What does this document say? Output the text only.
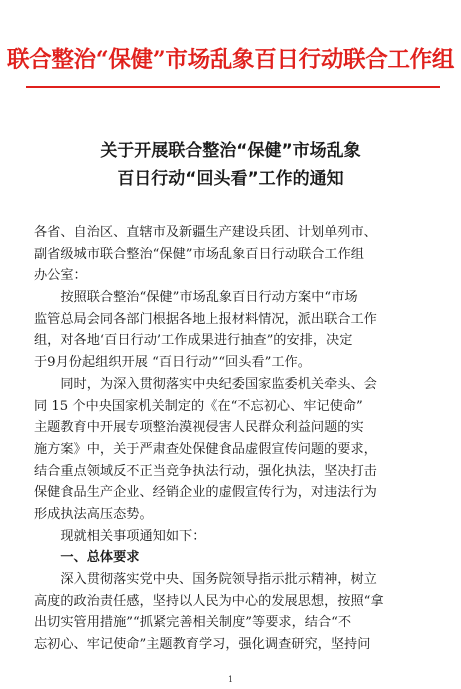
联合整治“保健”市场乱象百日行动联合工作组
关于开展联合整治“保健”市场乱象
百日行动“回头看”工作的通知
各省、自治区、直辖市及新疆生产建设兵团、计划单列市、
副省级城市联合整治“保健”市场乱象百日行动联合工作组
办公室：
　　按照联合整治“保健”市场乱象百日行动方案中“市场
监管总局会同各部门根据各地上报材料情况，派出联合工作
组，对各地‘百日行动’工作成果进行抽查”的安排，决定
于9月份起组织开展 “百日行动”“回头看”工作。
　　同时，为深入贯彻落实中央纪委国家监委机关牵头、会
同 15 个中央国家机关制定的《在“不忘初心、牢记使命”
主题教育中开展专项整治漠视侵害人民群众利益问题的实
施方案》中，关于严肃查处保健食品虚假宣传问题的要求，
结合重点领域反不正当竞争执法行动，强化执法，坚决打击
保健食品生产企业、经销企业的虚假宣传行为，对违法行为
形成执法高压态势。
　　现就相关事项通知如下：
　　一、总体要求
　　深入贯彻落实党中央、国务院领导指示批示精神，树立
高度的政治责任感，坚持以人民为中心的发展思想，按照“拿
出切实管用措施”“抓紧完善相关制度”等要求，结合“不
忘初心、牢记使命”主题教育学习，强化调查研究，坚持问
1
